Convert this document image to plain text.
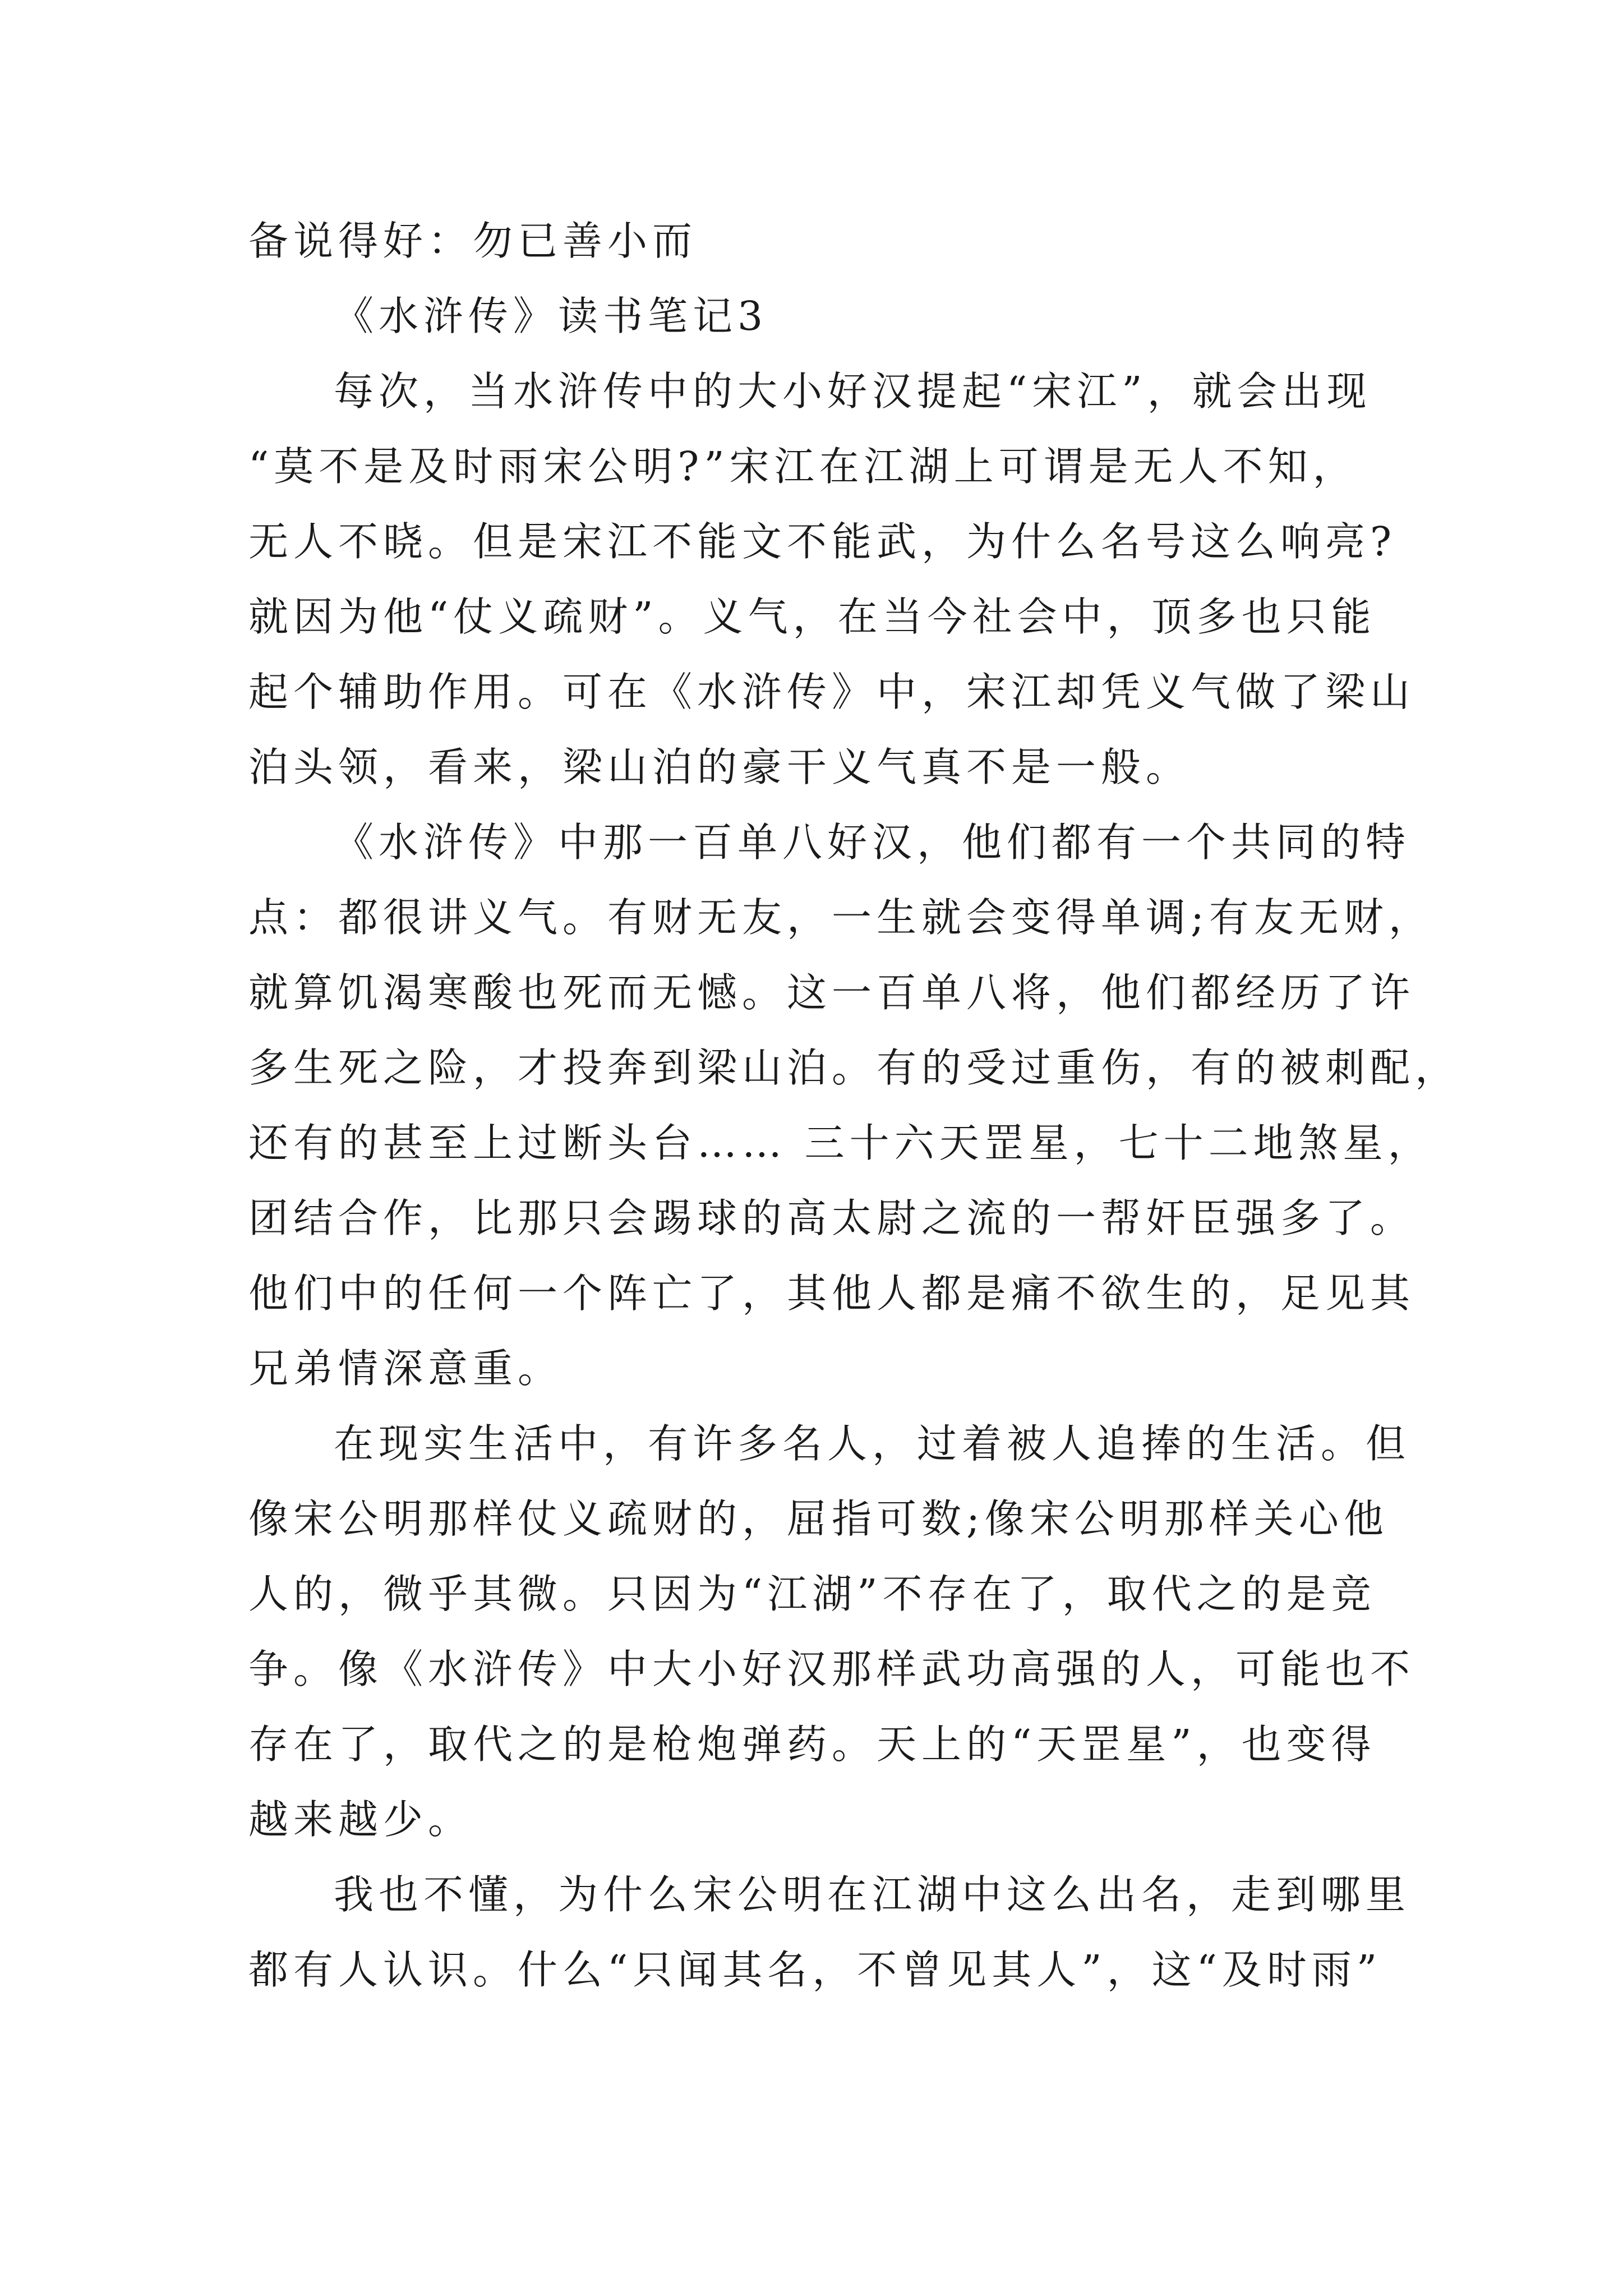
备说得好：勿已善小而
《水浒传》读书笔记3
每次，当水浒传中的大小好汉提起“宋江”，就会出现
“莫不是及时雨宋公明?”宋江在江湖上可谓是无人不知，
无人不晓。但是宋江不能文不能武，为什么名号这么响亮?
就因为他“仗义疏财”。义气，在当今社会中，顶多也只能
起个辅助作用。可在《水浒传》中，宋江却凭义气做了梁山
泊头领，看来，梁山泊的豪干义气真不是一般。
《水浒传》中那一百单八好汉，他们都有一个共同的特
点：都很讲义气。有财无友，一生就会变得单调;有友无财，
就算饥渴寒酸也死而无憾。这一百单八将，他们都经历了许
多生死之险，才投奔到梁山泊。有的受过重伤，有的被刺配，
还有的甚至上过断头台…… 三十六天罡星，七十二地煞星，
团结合作，比那只会踢球的高太尉之流的一帮奸臣强多了。
他们中的任何一个阵亡了，其他人都是痛不欲生的，足见其
兄弟情深意重。
在现实生活中，有许多名人，过着被人追捧的生活。但
像宋公明那样仗义疏财的，屈指可数;像宋公明那样关心他
人的，微乎其微。只因为“江湖”不存在了，取代之的是竞
争。像《水浒传》中大小好汉那样武功高强的人，可能也不
存在了，取代之的是枪炮弹药。天上的“天罡星”，也变得
越来越少。
我也不懂，为什么宋公明在江湖中这么出名，走到哪里
都有人认识。什么“只闻其名，不曾见其人”，这“及时雨”
